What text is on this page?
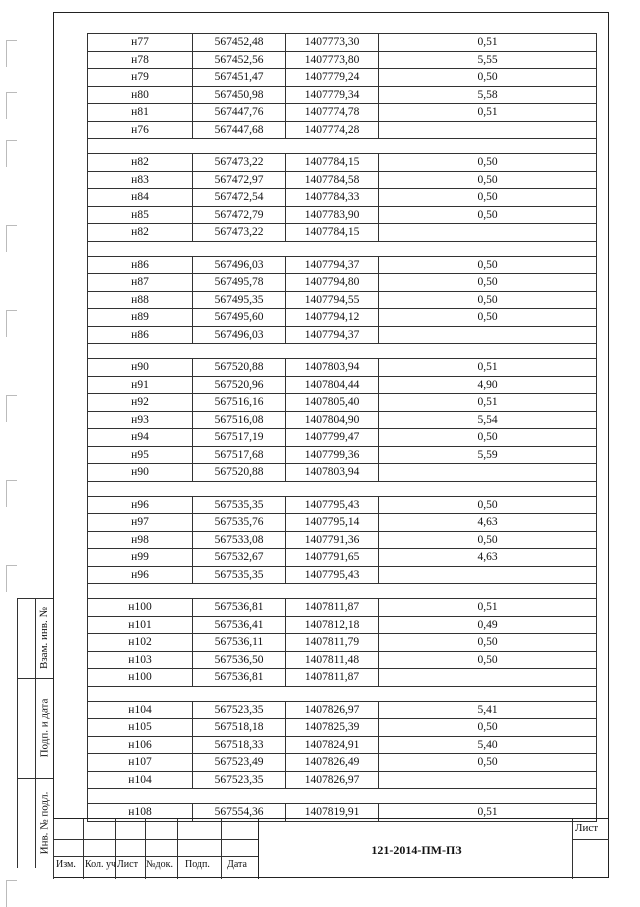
Взам. инв. №
Подп. и дата
Инв. № подл.
н77	567452,48	1407773,30	0,51
н78	567452,56	1407773,80	5,55
н79	567451,47	1407779,24	0,50
н80	567450,98	1407779,34	5,58
н81	567447,76	1407774,78	0,51
н76	567447,68	1407774,28	

н82	567473,22	1407784,15	0,50
н83	567472,97	1407784,58	0,50
н84	567472,54	1407784,33	0,50
н85	567472,79	1407783,90	0,50
н82	567473,22	1407784,15	

н86	567496,03	1407794,37	0,50
н87	567495,78	1407794,80	0,50
н88	567495,35	1407794,55	0,50
н89	567495,60	1407794,12	0,50
н86	567496,03	1407794,37	

н90	567520,88	1407803,94	0,51
н91	567520,96	1407804,44	4,90
н92	567516,16	1407805,40	0,51
н93	567516,08	1407804,90	5,54
н94	567517,19	1407799,47	0,50
н95	567517,68	1407799,36	5,59
н90	567520,88	1407803,94	

н96	567535,35	1407795,43	0,50
н97	567535,76	1407795,14	4,63
н98	567533,08	1407791,36	0,50
н99	567532,67	1407791,65	4,63
н96	567535,35	1407795,43	

н100	567536,81	1407811,87	0,51
н101	567536,41	1407812,18	0,49
н102	567536,11	1407811,79	0,50
н103	567536,50	1407811,48	0,50
н100	567536,81	1407811,87	

н104	567523,35	1407826,97	5,41
н105	567518,18	1407825,39	0,50
н106	567518,33	1407824,91	5,40
н107	567523,49	1407826,49	0,50
н104	567523,35	1407826,97	

н108	567554,36	1407819,91	0,51
Изм. Кол. уч Лист №док. Подп. Дата
121-2014-ПМ-ПЗ
Лист
